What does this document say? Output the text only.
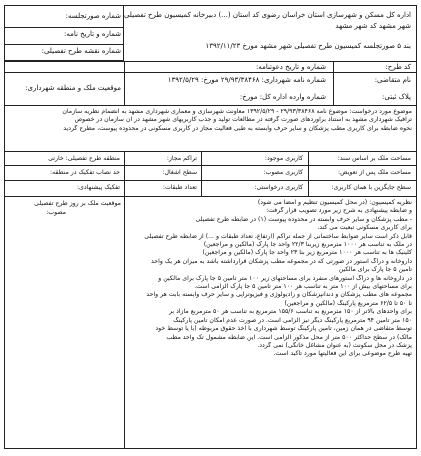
شماره صورتجلسه:
شماره و تاریخ نامه:
شماره نقشه طرح تفصیلی:
اداره کل مسکن و شهرسازی استان خراسان رضوی کد استان (...) دبیرخانه کمیسیون طرح تفصیلی
شهر مشهد کد شهر مشهد
بند ۵ صورتجلسه کمیسیون طرح تفصیلی شهر مشهد مورخ ۱۳۹۲/۱۱/۲۳
کد طرح:
شماره و تاریخ دعوتنامه:
نام متقاضی:
پلاک ثبتی:
شماره نامه شهرداری: ۲۹/۹۳/۳۸۴۶۸ مورخ: ۱۳۹۲/۵/۲۹
شماره وارده اداره کل: مورخ:
موقعیت ملک و منطقه شهرداری:
موضوع مورد درخواست: موضوع نامه ۲۹/۹۳/۳۸۴۶۸ - ۱۳۹۲/۵/۲۹ معاونت شهرسازی و معماری شهرداری مشهد به انضمام نظریه سازمان
ترافیک شهرداری مشهد به استناد برآوردهای صورت گرفته در مطالعات تولید و جذب کاربریهای شهر مشهد در آن سازمان در خصوص
نحوه ضابطه برای کاربری مطب پزشکان و سایر حرف وابسته به طبی فعالیت مجاز در کاربری مسکونی در محدوده پیوست، مطرح گردید
مساحت ملک بر اساس سند:
کاربری موجود:
تراکم مجاز:
منطقه طرح تفصیلی: خارتی
مساحت ملک پس از تعویض:
کاربری مصوب:
سطح اشغال:
حد نصاب تفکیک در منطقه:
سطح جایگزین با همان کاربری:
کاربری درخواستی:
تعداد طبقات:
تفکیک پیشنهادی:
موقعیت ملک بر روز طرح تفصیلی
مصوب:
نظریه کمیسیون: (در محل کمیسیون تنظیم و امضا می شود)
و ضابطه پیشنهادی به شرح زیر مورد تصویب قرار گرفت:
- مطب پزشکان و سایر حرف وابسته در محدوده پیوست (۱) در ضابطه طرح تفصیلی
برای کاربری مسکونی تبعیت می کند.
قابل ذکر است سایر ضوابط ساختمانی از جمله تراکم (ارتفاع، تعداد طبقات و ...) از ضابطه طرح تفصیلی
در ملک به تناسب هر ۱۰۰۰ مترمربع زیربنا ۲۲/۳ واحد جا پارک (مالکین و مراجعین)
کلینیک ها به تناسب هر ۱۰۰۰ مترمربع زیر بنا ۲۳ واحد جا پارک (مالکین و مراجعین)
داروخانه و دراگ استور در صورتی که در مجموعه مطب پزشکان قرارداشته باشد به میزان هر یک واحد
تأمین ۵ جا پارک برای مالکین
در داروخانه ها و دراگ استورهای منفرد برای مساحتهای زیر ۱۰۰ متر تأمین ۵ جا پارک برای مالکین و
برای مساحتهای بیش از ۱۰۰ متر به تناسب هر ۱۰۰ متر تأمین ۵ جا پارک الزامی است.
مجموعه های مطب پزشکان و دندانپزشکان و رادیولوژی و فیزیوتراپی و سایر حرف وابسته بابت هر واحد
تا ۵۰ تا ۶۲/۵ مترمربع پارکینگ (مالکین و مراجعین)
برای واحدهای بالاتر از ۱۵۰ مترمربع به تناسب ۱۵۵/۶ مترمربع به تناسب هر ۵۰ مترمربع مازاد بر
۱۵۰ متر تأمین ۹۴ مترمربع پارکینگ دیگر نیز الزامی است. در صورت عدم امکان تأمین پارکینگ
توسط متقاضی در همان زمین، تأمین پارکینگ توسط شهرداری با اخذ حقوق مربوطه (با یا توسط خود
مالک) در سطح حداکثر ۵۰۰ متر از محل مذکور الزامی است. این ضابطه مشمول تک واحد مطب
پزشک در محل سکونت (به عنوان مشاغل خانگی) نمی گردد.
تهیه طرح موضوعی برای این فعالیتها مورد تاکید است.
